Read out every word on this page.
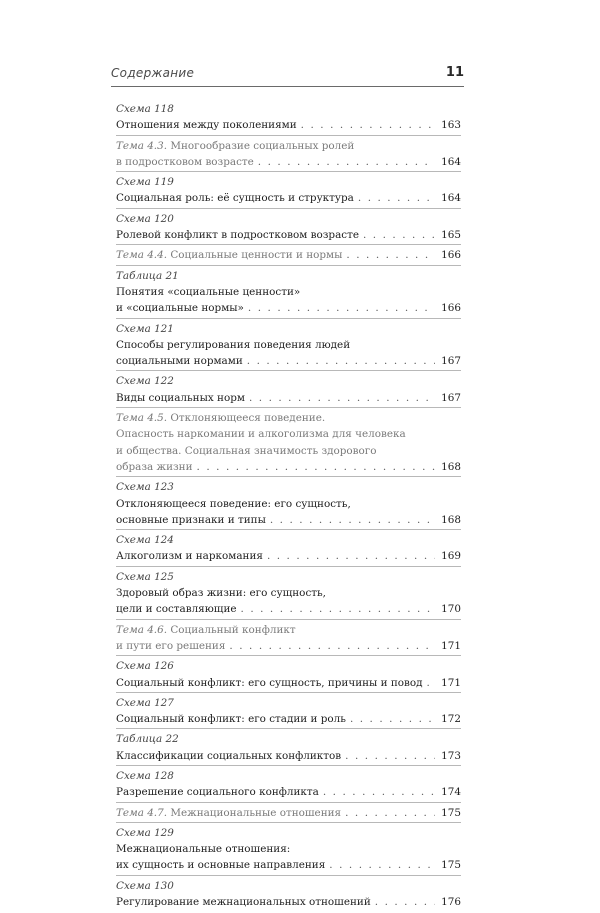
Содержание	11
Схема 118
Отношения между поколениями . . .	163
Тема 4.3.
Многообразие социальных ролей
в подростковом возрасте . . .	164
Схема 119
Социальная роль: её сущность и структура . . .	164
Схема 120
Ролевой конфликт в подростковом возрасте . . .	165
Тема 4.4.
Социальные ценности и нормы . . .	166
Таблица 21
Понятия «социальные ценности»
и «социальные нормы» . . .	166
Схема 121
Способы регулирования поведения людей
социальными нормами . . .	167
Схема 122
Виды социальных норм . . .	167
Тема 4.5.
Отклоняющееся поведение.
Опасность наркомании и алкоголизма для человека
и общества. Социальная значимость здорового
образа жизни . . .	168
Схема 123
Отклоняющееся поведение: его сущность,
основные признаки и типы . . .	168
Схема 124
Алкоголизм и наркомания . . .	169
Схема 125
Здоровый образ жизни: его сущность,
цели и составляющие . . .	170
Тема 4.6.
Социальный конфликт
и пути его решения . . .	171
Схема 126
Социальный конфликт: его сущность, причины и повод . . . 171
Схема 127
Социальный конфликт: его стадии и роль . . .	172
Таблица 22
Классификации социальных конфликтов . . .	173
Схема 128
Разрешение социального конфликта . . .	174
Тема 4.7.
Межнациональные отношения . . .	175
Схема 129
Межнациональные отношения:
их сущность и основные направления . . .	175
Схема 130
Регулирование межнациональных отношений . . .	176
